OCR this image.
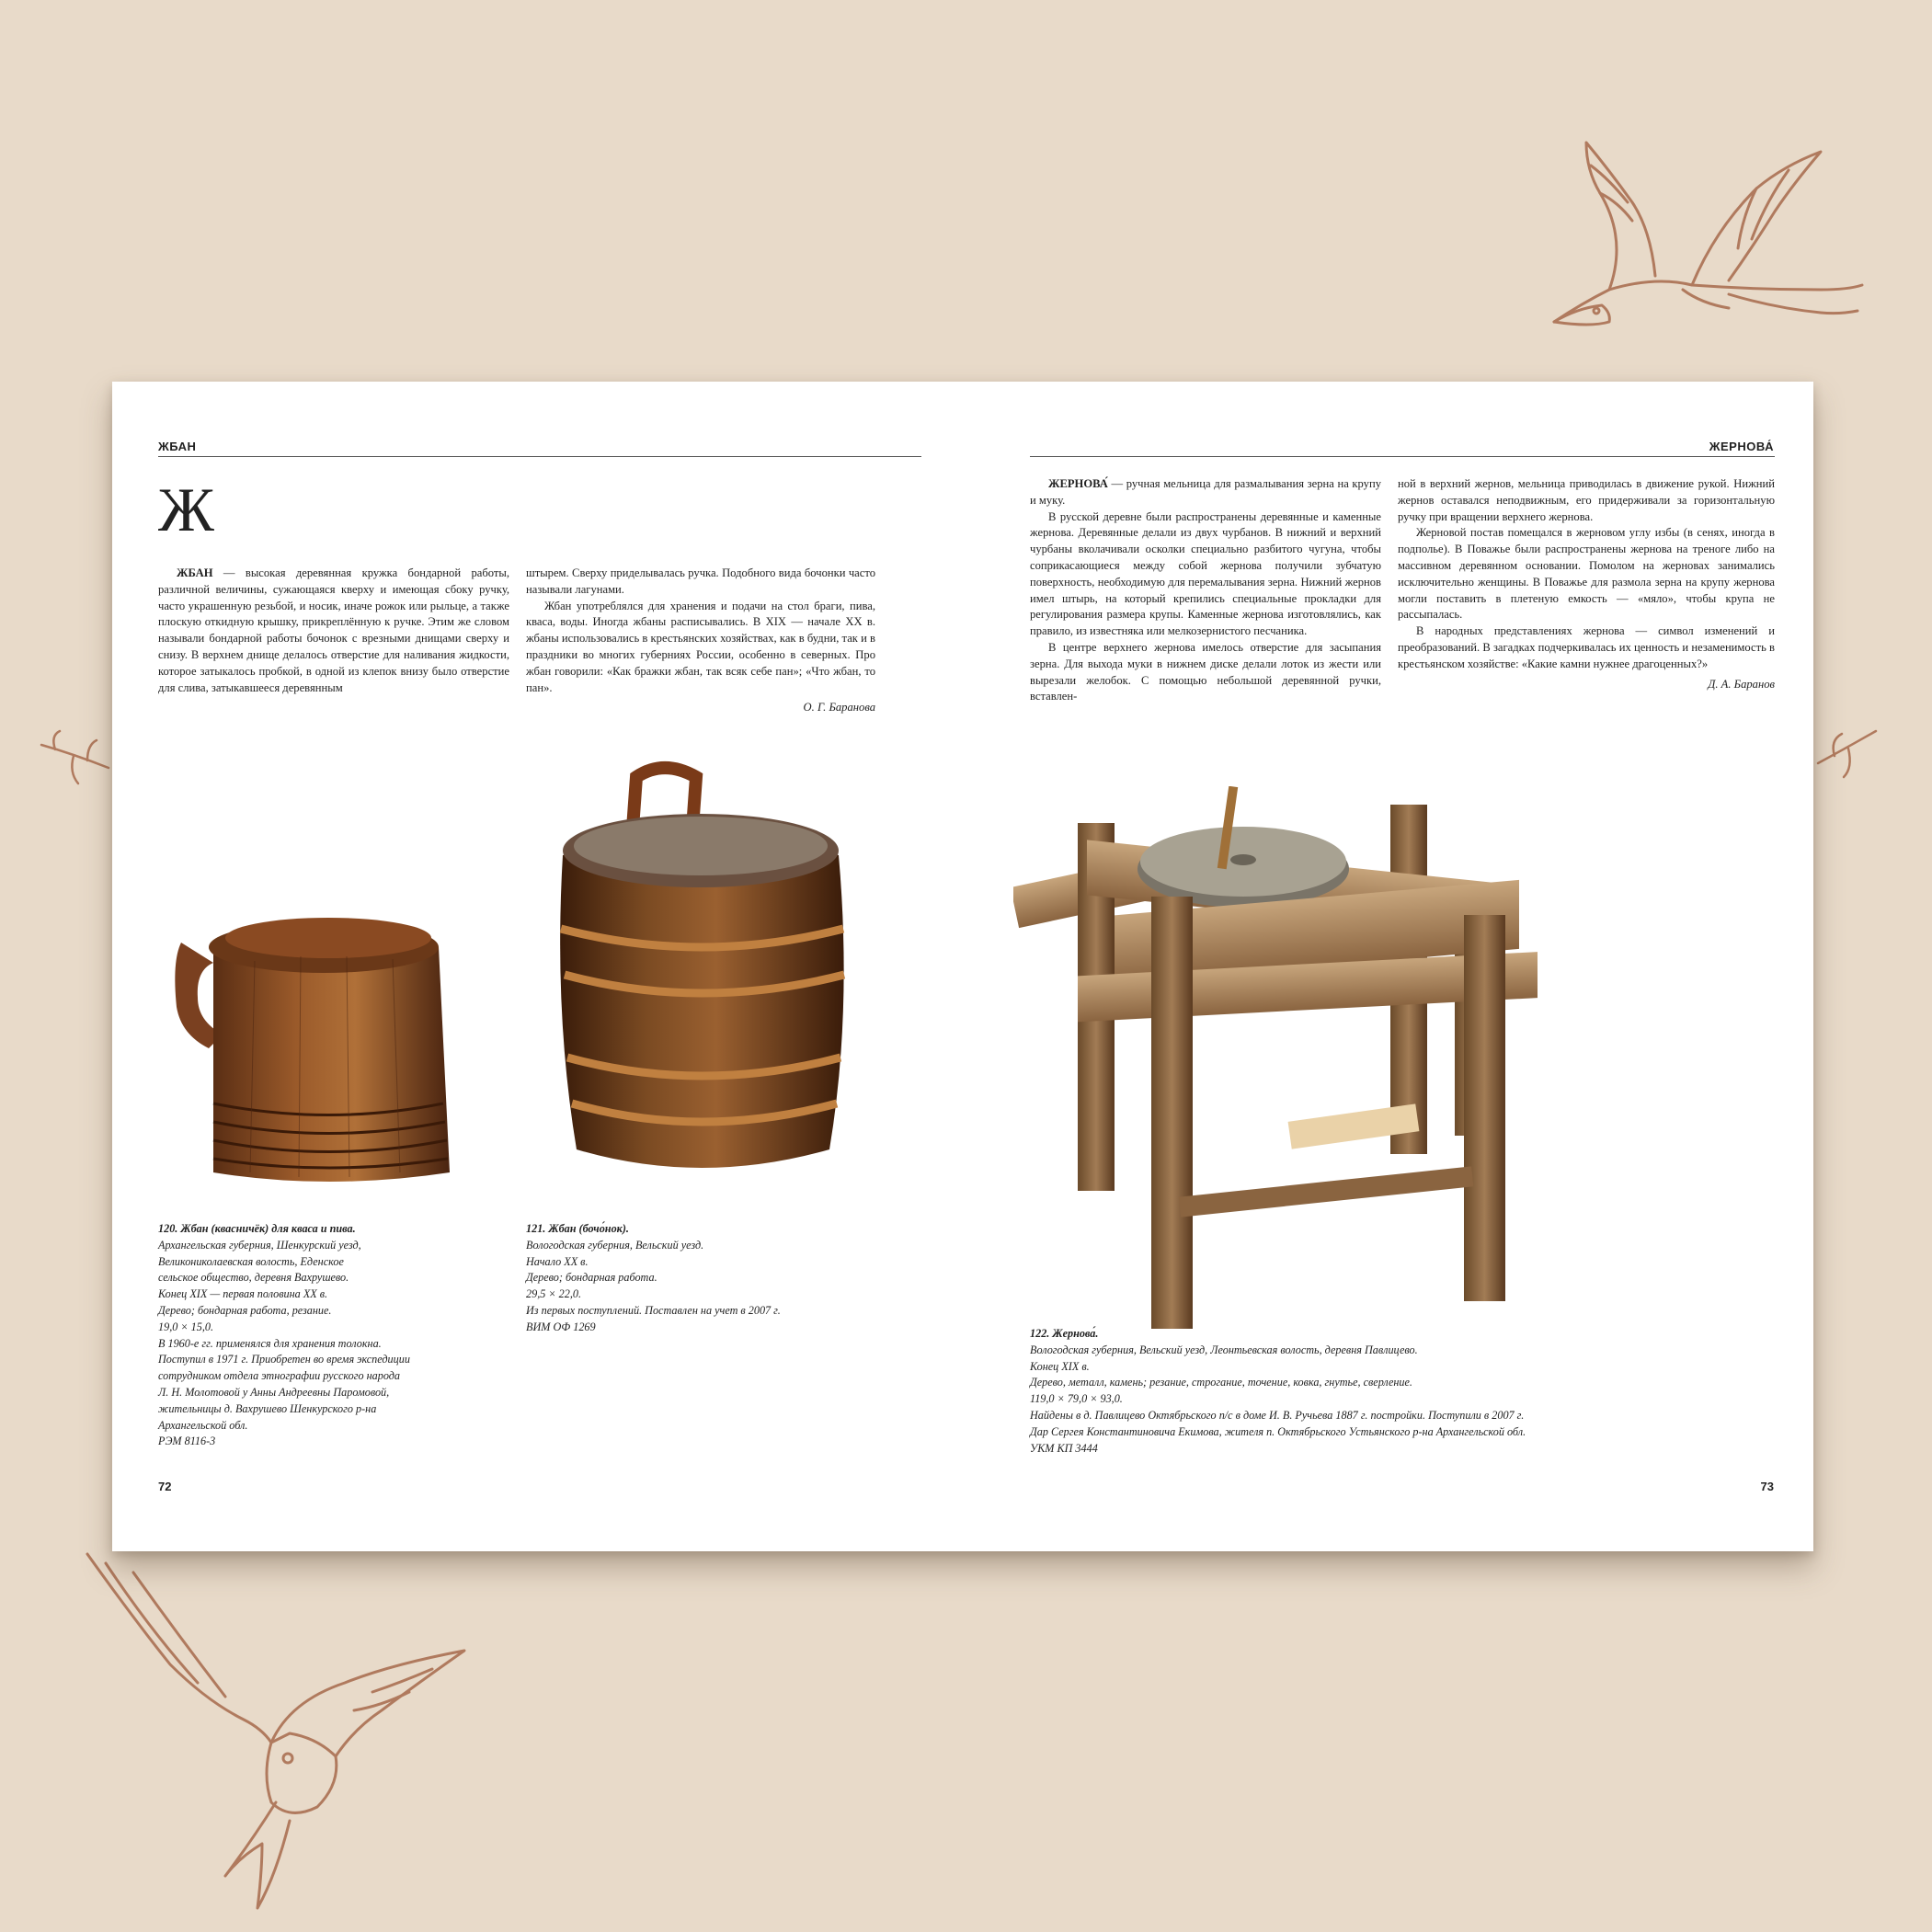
ЖБАН
Ж

ЖБАН — высокая деревянная кружка бондарной работы, различной величины, сужающаяся кверху и имеющая сбоку ручку, часто украшенную резьбой, и носик, иначе рожок или рыльце, а также плоскую откидную крышку, прикреплённую к ручке. Этим же словом называли бондарной работы бочонок с врезными днищами сверху и снизу. В верхнем днище делалось отверстие для наливания жидкости, которое затыкалось пробкой, в одной из клепок внизу было отверстие для слива, затыкавшееся деревянным

штырем. Сверху приделывалась ручка. Подобного вида бочонки часто называли лагунами.

Жбан употреблялся для хранения и подачи на стол браги, пива, кваса, воды. Иногда жбаны расписывались. В XIX — начале XX в. жбаны использовались в крестьянских хозяйствах, как в будни, так и в праздники во многих губерниях России, особенно в северных. Про жбан говорили: «Как бражки жбан, так всяк себе пан»; «Что жбан, то пан».

О. Г. Баранова
120. Жбан (квасничёк) для кваса и пива.
Архангельская губерния, Шенкурский уезд,
Великониколаевская волость, Еденское
сельское общество, деревня Вахрушево.
Конец XIX — первая половина XX в.
Дерево; бондарная работа, резание.
19,0 × 15,0.
В 1960-е гг. применялся для хранения толокна.
Поступил в 1971 г. Приобретен во время экспедиции
сотрудником отдела этнографии русского народа
Л. Н. Молотовой у Анны Андреевны Паромовой,
жительницы д. Вахрушево Шенкурского р-на
Архангельской обл.
РЭМ 8116-3
121. Жбан (бочо́нок).
Вологодская губерния, Вельский уезд.
Начало XX в.
Дерево; бондарная работа.
29,5 × 22,0.
Из первых поступлений. Поставлен на учет в 2007 г.
ВИМ ОФ 1269
72
ЖЕРНОВА́

ЖЕРНОВА́ — ручная мельница для размалывания зерна на крупу и муку.

В русской деревне были распространены деревянные и каменные жернова. Деревянные делали из двух чурбанов. В нижний и верхний чурбаны вколачивали осколки специально разбитого чугуна, чтобы соприкасающиеся между собой жернова получили зубчатую поверхность, необходимую для перемалывания зерна. Нижний жернов имел штырь, на который крепились специальные прокладки для регулирования размера крупы. Каменные жернова изготовлялись, как правило, из известняка или мелкозернистого песчаника.

В центре верхнего жернова имелось отверстие для засыпания зерна. Для выхода муки в нижнем диске делали лоток из жести или вырезали желобок. С помощью небольшой деревянной ручки, вставлен-

ной в верхний жернов, мельница приводилась в движение рукой. Нижний жернов оставался неподвижным, его придерживали за горизонтальную ручку при вращении верхнего жернова.

Жерновой постав помещался в жерновом углу избы (в сенях, иногда в подполье). В Поважье были распространены жернова на треноге либо на массивном деревянном основании. Помолом на жерновах занимались исключительно женщины. В Поважье для размола зерна на крупу жернова могли поставить в плетеную емкость — «мяло», чтобы крупа не рассыпалась.

В народных представлениях жернова — символ изменений и преобразований. В загадках подчеркивалась их ценность и незаменимость в крестьянском хозяйстве: «Какие камни нужнее драгоценных?»

Д. А. Баранов
122. Жернова́.
Вологодская губерния, Вельский уезд, Леонтьевская волость, деревня Павлицево.
Конец XIX в.
Дерево, металл, камень; резание, строгание, точение, ковка, гнутье, сверление.
119,0 × 79,0 × 93,0.
Найдены в д. Павлицево Октябрьского п/с в доме И. В. Ручьева 1887 г. постройки. Поступили в 2007 г.
Дар Сергея Константиновича Екимова, жителя п. Октябрьского Устьянского р-на Архангельской обл.
УКМ КП 3444
73
